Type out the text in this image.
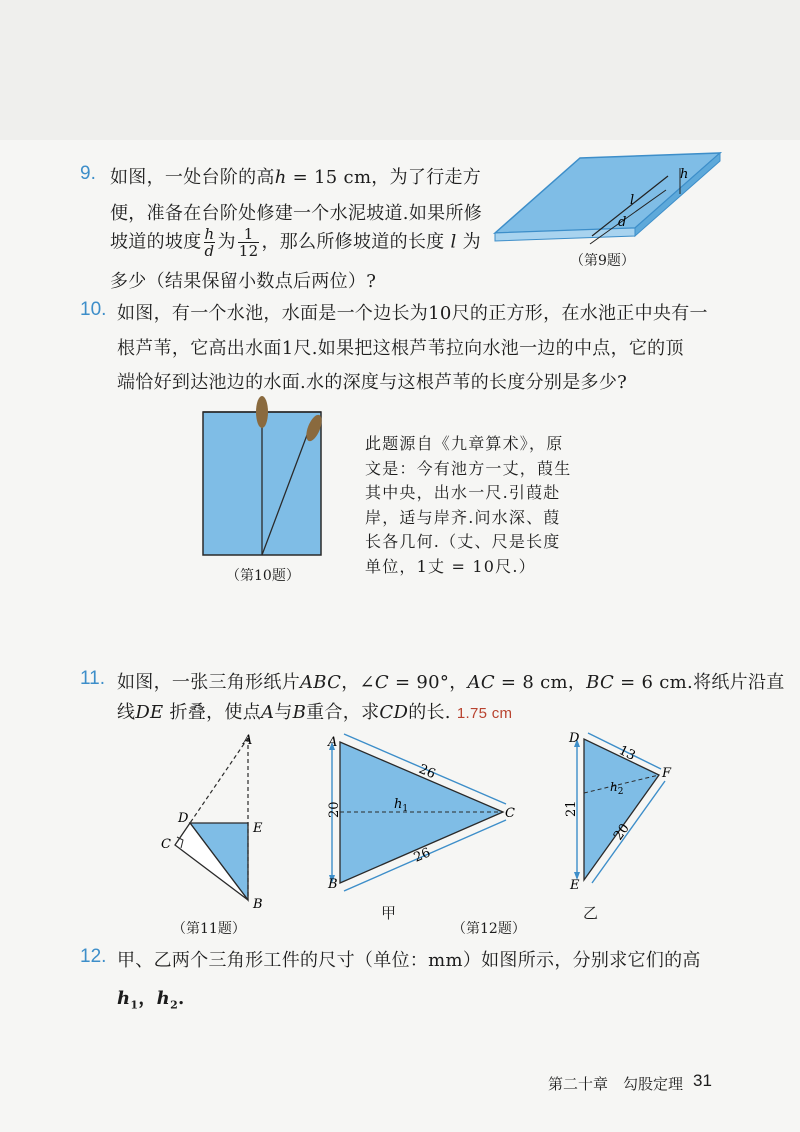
9. 如图，一处台阶的高h = 15 cm，为了行走方
便，准备在台阶处修建一个水泥坡道.如果所修
坡道的坡度 $\frac{h}{d}$ 为 $\frac{1}{12}$ ，那么所修坡道的长度 l 为
多少（结果保留小数点后两位）?
h
l
d
（第9题）
10. 如图，有一个水池，水面是一个边长为10尺的正方形，在水池正中央有一
根芦苇，它高出水面1尺.如果把这根芦苇拉向水池一边的中点，它的顶
端恰好到达池边的水面.水的深度与这根芦苇的长度分别是多少?
（第10题）
此题源自《九章算术》，原
文是：今有池方一丈，葭生
其中央，出水一尺.引葭赴
岸，适与岸齐.问水深、葭
长各几何.（丈、尺是长度
单位，1丈 = 10尺.）
11. 如图，一张三角形纸片ABC，∠C = 90°，AC = 8 cm，BC = 6 cm.将纸片沿直
线DE 折叠，使点A与B重合，求CD的长. 1.75 cm
A
B
C
D
E
（第11题）
A
B
C
20
26
26
$h_1$
甲
（第12题）
D
E
F
21
13
20
$h_2$
乙
12. 甲、乙两个三角形工件的尺寸（单位：mm）如图所示，分别求它们的高
$h_1$，$h_2$.
第二十章　勾股定理 31
